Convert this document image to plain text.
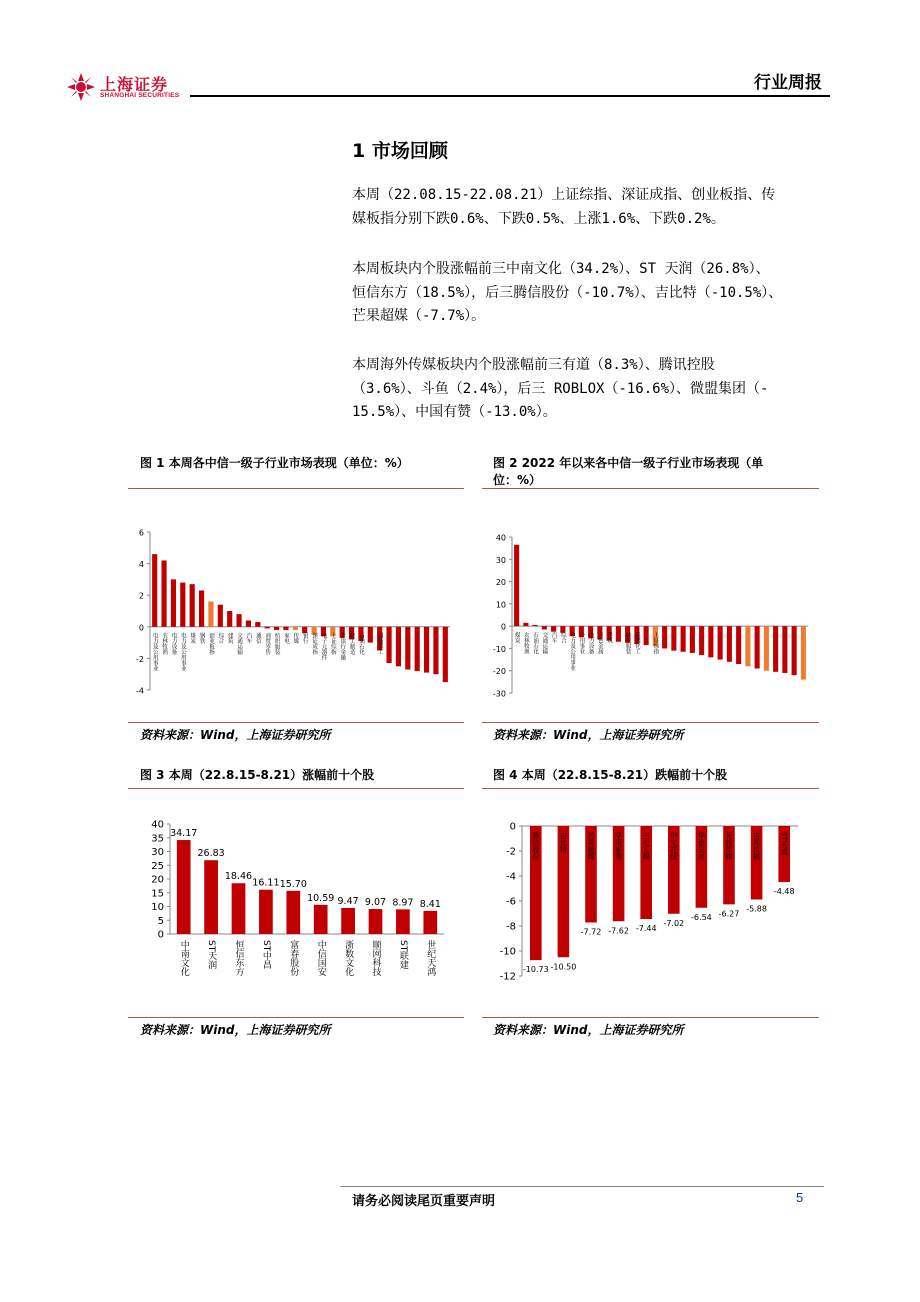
上海证券
SHANGHAI SECURITIES
行业周报
1 市场回顾
本周（22.08.15-22.08.21）上证综指、深证成指、创业板指、传
媒板指分别下跌0.6%、下跌0.5%、上涨1.6%、下跌0.2%。
本周板块内个股涨幅前三中南文化（34.2%）、ST 天润（26.8%）、
恒信东方（18.5%），后三腾信股份（-10.7%）、吉比特（-10.5%）、
芒果超媒（-7.7%）。
本周海外传媒板块内个股涨幅前三有道（8.3%）、腾讯控股
（3.6%）、斗鱼（2.4%），后三 ROBLOX（-16.6%）、微盟集团（-
15.5%）、中国有赞（-13.0%）。
图 1 本周各中信一级子行业市场表现（单位：%）
-4
-2
0
2
4
6
电力及公用事业 农林牧渔 电力设备 电力及公用事业 煤炭 钢铁 创业板指 综合 建筑 交通运输 汽车 通信 商贸零售 纺织服装 家电 传媒 银行 深证成指 电子元器件 上证综指 非银行金融 轻工制造 石油石化 国防军工
资料来源：Wind，上海证券研究所
图 2 2022 年以来各中信一级子行业市场表现（单
位：%）
-30
-20
-10
0
10
20
30
40
煤炭 农林牧渔 石油石化 交通运输 汽车 综合 电力及公用事业 公用事业 电力设备 有色金属 建筑 纺织服装 基础化工 上证综指
资料来源：Wind，上海证券研究所
图 3 本周（22.8.15-8.21）涨幅前十个股
0
5
10
15
20
25
30
35
40
34.17
中南文化
26.83
ST天润
18.46
恒信东方
16.11
ST中昌
15.70
富春股份
10.59
中信国安
9.47
浙数文化
9.07
顺网科技
8.97
ST联建
8.41
世纪天鸿
资料来源：Wind，上海证券研究所
图 4 本周（22.8.15-8.21）跌幅前十个股
-12
-10
-8
-6
-4
-2
0
-10.73
腾信股份
-10.50
吉比特
-7.72
芒果超媒
-7.62
华策影视
-7.44
三七互娱
-7.02
中文在线
-6.54
华谊兄弟
-6.27
光线传媒
-5.88
吉视传媒
-4.48
ST天威
资料来源：Wind，上海证券研究所
请务必阅读尾页重要声明	5
